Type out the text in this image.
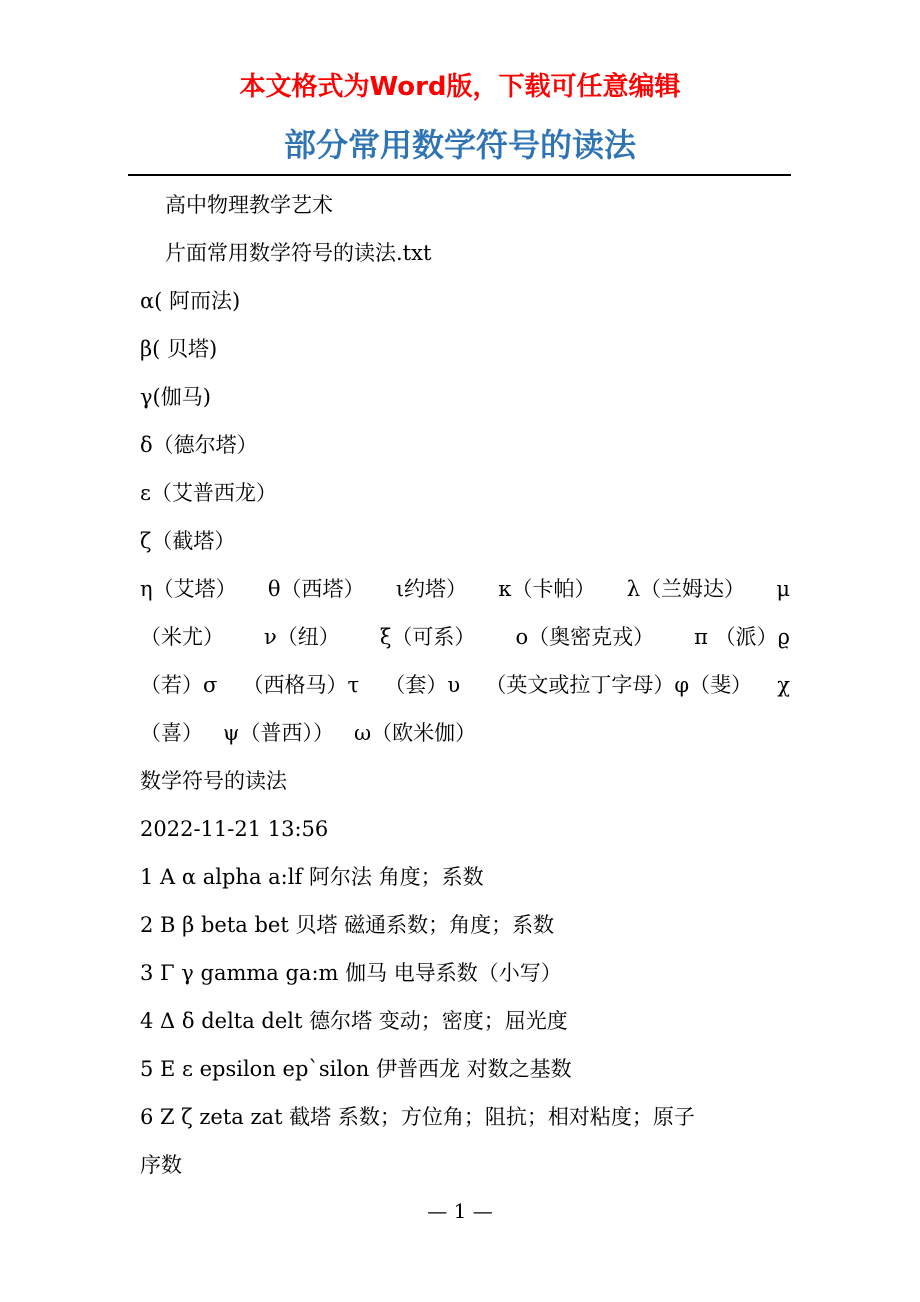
本文格式为Word版，下载可任意编辑
部分常用数学符号的读法
高中物理教学艺术
片面常用数学符号的读法.txt
α( 阿而法)
β( 贝塔)
γ(伽马)
δ（德尔塔）
ε（艾普西龙）
ζ（截塔）
η（艾塔） θ（西塔） ι约塔） κ（卡帕） λ（兰姆达） μ
（米尤） ν（纽） ξ（可系） ο（奥密克戎） π （派）ϱ
（若）σ （西格马）τ （套）υ （英文或拉丁字母）φ（斐） χ
（喜） ψ（普西）） ω（欧米伽）
数学符号的读法
2022-11-21 13:56
1 Α α alpha a:lf 阿尔法 角度；系数
2 Β β beta bet 贝塔 磁通系数；角度；系数
3 Γ γ gamma ga:m 伽马 电导系数（小写）
4 Δ δ delta delt 德尔塔 变动；密度；屈光度
5 Ε ε epsilon ep`silon 伊普西龙 对数之基数
6 Ζ ζ zeta zat 截塔 系数；方位角；阻抗；相对粘度；原子
序数
— 1 —
